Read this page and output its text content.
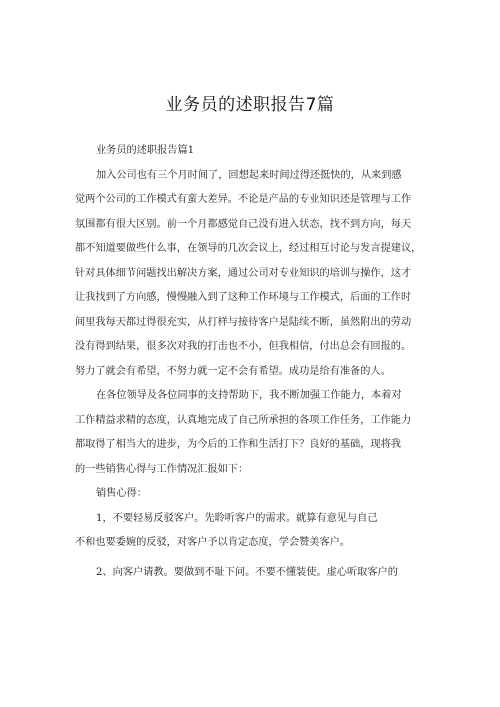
业务员的述职报告7篇
业务员的述职报告篇1
加入公司也有三个月时间了，回想起来时间过得还挺快的，从来到感
觉两个公司的工作模式有蛮大差异。不论是产品的专业知识还是管理与工作
氛围都有很大区别。前一个月都感觉自己没有进入状态，找不到方向，每天
都不知道要做些什么事，在领导的几次会议上，经过相互讨论与发言提建议，
针对具体细节问题找出解决方案，通过公司对专业知识的培训与操作，这才
让我找到了方向感，慢慢融入到了这种工作环境与工作模式，后面的工作时
间里我每天都过得很充实，从打样与接待客户是陆续不断，虽然附出的劳动
没有得到结果，很多次对我的打击也不小，但我相信，付出总会有回报的。
努力了就会有希望，不努力就一定不会有希望。成功是给有准备的人。
在各位领导及各位同事的支持帮助下，我不断加强工作能力，本着对
工作精益求精的态度，认真地完成了自己所承担的各项工作任务，工作能力
都取得了相当大的进步，为今后的工作和生活打下？良好的基础，现将我
的一些销售心得与工作情况汇报如下：
销售心得：
1，不要轻易反驳客户。先聆听客户的需求。就算有意见与自己
不和也要委婉的反驳，对客户予以肯定态度，学会赞美客户。
2、向客户请教。要做到不耻下问。不要不懂装使。虚心听取客户的
